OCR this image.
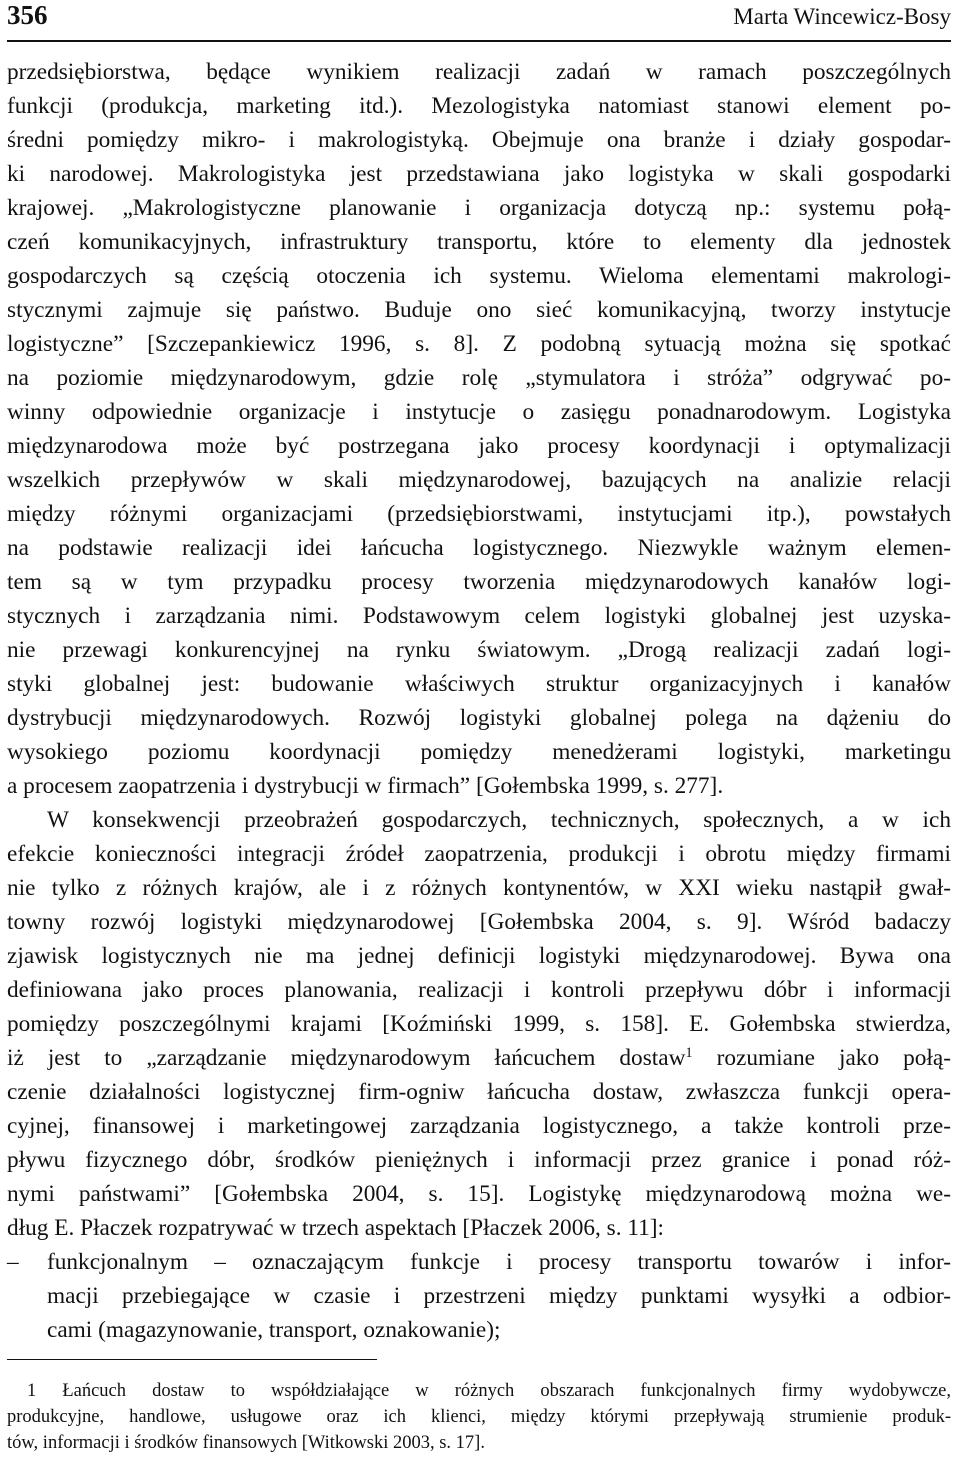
356	Marta Wincewicz-Bosy
przedsiębiorstwa, będące wynikiem realizacji zadań w ramach poszczególnych
funkcji (produkcja, marketing itd.). Mezologistyka natomiast stanowi element po-
średni pomiędzy mikro- i makrologistyką. Obejmuje ona branże i działy gospodar-
ki narodowej. Makrologistyka jest przedstawiana jako logistyka w skali gospodarki
krajowej. „Makrologistyczne planowanie i organizacja dotyczą np.: systemu połą-
czeń komunikacyjnych, infrastruktury transportu, które to elementy dla jednostek
gospodarczych są częścią otoczenia ich systemu. Wieloma elementami makrologi-
stycznymi zajmuje się państwo. Buduje ono sieć komunikacyjną, tworzy instytucje
logistyczne” [Szczepankiewicz 1996, s. 8]. Z podobną sytuacją można się spotkać
na poziomie międzynarodowym, gdzie rolę „stymulatora i stróża” odgrywać po-
winny odpowiednie organizacje i instytucje o zasięgu ponadnarodowym. Logistyka
międzynarodowa może być postrzegana jako procesy koordynacji i optymalizacji
wszelkich przepływów w skali międzynarodowej, bazujących na analizie relacji
między różnymi organizacjami (przedsiębiorstwami, instytucjami itp.), powstałych
na podstawie realizacji idei łańcucha logistycznego. Niezwykle ważnym elemen-
tem są w tym przypadku procesy tworzenia międzynarodowych kanałów logi-
stycznych i zarządzania nimi. Podstawowym celem logistyki globalnej jest uzyska-
nie przewagi konkurencyjnej na rynku światowym. „Drogą realizacji zadań logi-
styki globalnej jest: budowanie właściwych struktur organizacyjnych i kanałów
dystrybucji międzynarodowych. Rozwój logistyki globalnej polega na dążeniu do
wysokiego poziomu koordynacji pomiędzy menedżerami logistyki, marketingu
a procesem zaopatrzenia i dystrybucji w firmach” [Gołembska 1999, s. 277].
W konsekwencji przeobrażeń gospodarczych, technicznych, społecznych, a w ich
efekcie konieczności integracji źródeł zaopatrzenia, produkcji i obrotu między firmami
nie tylko z różnych krajów, ale i z różnych kontynentów, w XXI wieku nastąpił gwał-
towny rozwój logistyki międzynarodowej [Gołembska 2004, s. 9]. Wśród badaczy
zjawisk logistycznych nie ma jednej definicji logistyki międzynarodowej. Bywa ona
definiowana jako proces planowania, realizacji i kontroli przepływu dóbr i informacji
pomiędzy poszczególnymi krajami [Koźmiński 1999, s. 158]. E. Gołembska stwierdza,
iż jest to „zarządzanie międzynarodowym łańcuchem dostaw$^1$ rozumiane jako połą-
czenie działalności logistycznej firm-ogniw łańcucha dostaw, zwłaszcza funkcji opera-
cyjnej, finansowej i marketingowej zarządzania logistycznego, a także kontroli prze-
pływu fizycznego dóbr, środków pieniężnych i informacji przez granice i ponad róż-
nymi państwami” [Gołembska 2004, s. 15]. Logistykę międzynarodową można we-
dług E. Płaczek rozpatrywać w trzech aspektach [Płaczek 2006, s. 11]:
– funkcjonalnym – oznaczającym funkcje i procesy transportu towarów i infor-
macji przebiegające w czasie i przestrzeni między punktami wysyłki a odbior-
cami (magazynowanie, transport, oznakowanie);
1 Łańcuch dostaw to współdziałające w różnych obszarach funkcjonalnych firmy wydobywcze,
produkcyjne, handlowe, usługowe oraz ich klienci, między którymi przepływają strumienie produk-
tów, informacji i środków finansowych [Witkowski 2003, s. 17].
